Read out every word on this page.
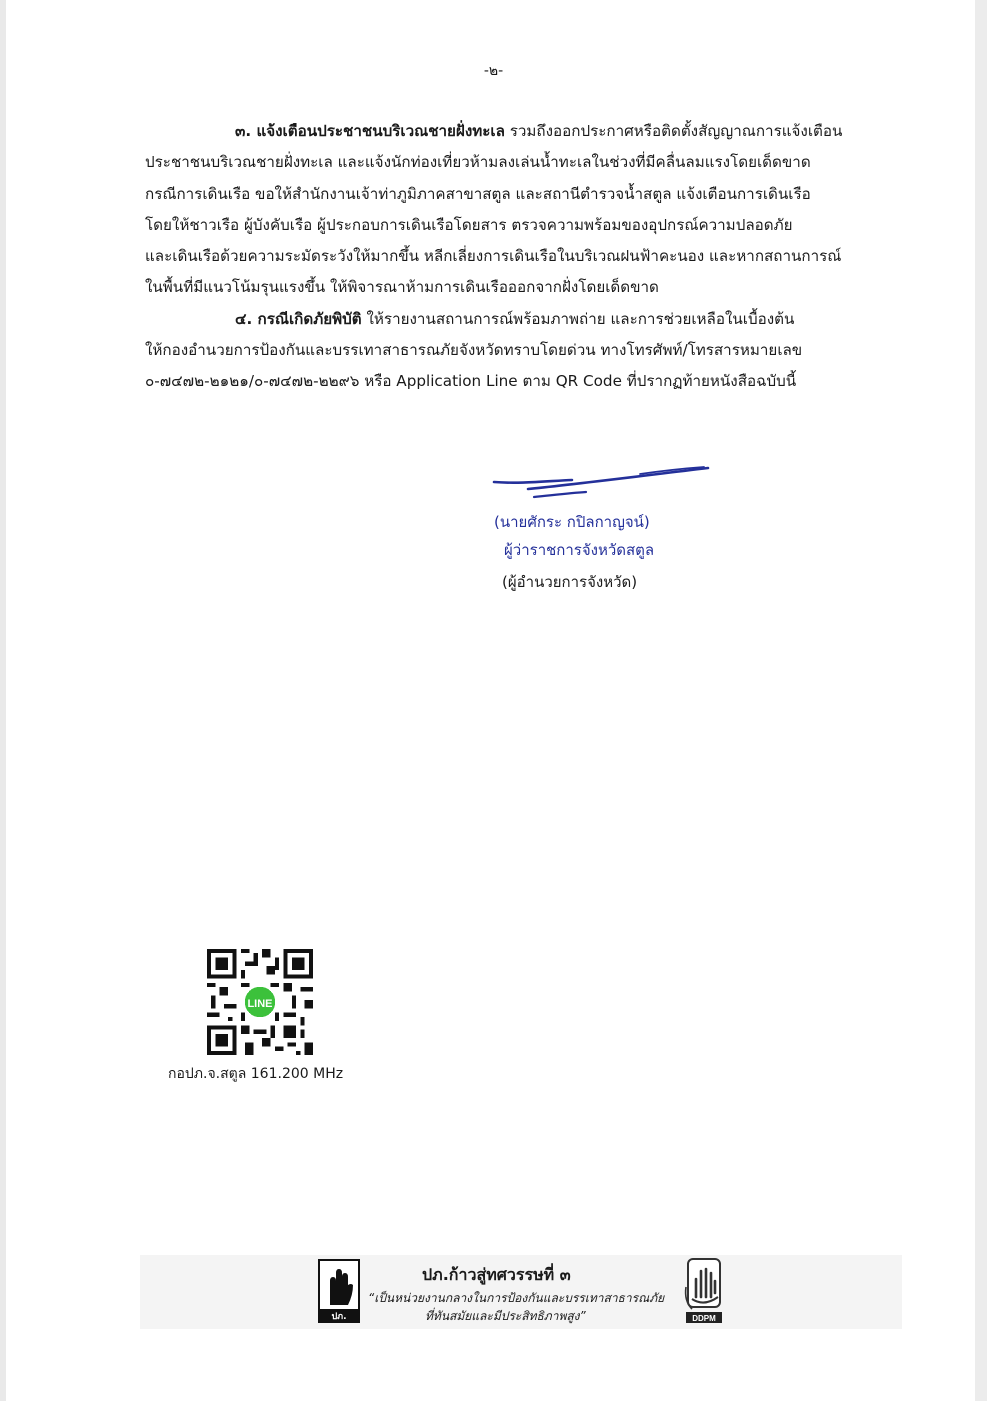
-๒-

๓. แจ้งเตือนประชาชนบริเวณชายฝั่งทะเล รวมถึงออกประกาศหรือติดตั้งสัญญาณการแจ้งเตือน
ประชาชนบริเวณชายฝั่งทะเล และแจ้งนักท่องเที่ยวห้ามลงเล่นน้ำทะเลในช่วงที่มีคลื่นลมแรงโดยเด็ดขาด
กรณีการเดินเรือ ขอให้สำนักงานเจ้าท่าภูมิภาคสาขาสตูล และสถานีตำรวจน้ำสตูล แจ้งเตือนการเดินเรือ
โดยให้ชาวเรือ ผู้บังคับเรือ ผู้ประกอบการเดินเรือโดยสาร ตรวจความพร้อมของอุปกรณ์ความปลอดภัย
และเดินเรือด้วยความระมัดระวังให้มากขึ้น หลีกเลี่ยงการเดินเรือในบริเวณฝนฟ้าคะนอง และหากสถานการณ์
ในพื้นที่มีแนวโน้มรุนแรงขึ้น ให้พิจารณาห้ามการเดินเรือออกจากฝั่งโดยเด็ดขาด

๔. กรณีเกิดภัยพิบัติ ให้รายงานสถานการณ์พร้อมภาพถ่าย และการช่วยเหลือในเบื้องต้น
ให้กองอำนวยการป้องกันและบรรเทาสาธารณภัยจังหวัดทราบโดยด่วน ทางโทรศัพท์/โทรสารหมายเลข
๐-๗๔๗๒-๒๑๒๑/๐-๗๔๗๒-๒๒๙๖ หรือ Application Line ตาม QR Code ที่ปรากฏท้ายหนังสือฉบับนี้

(นายศักระ กปิลกาญจน์)
ผู้ว่าราชการจังหวัดสตูล
(ผู้อำนวยการจังหวัด)
LINE
กอปภ.จ.สตูล 161.200 MHz
ปภ.
ปภ.ก้าวสู่ทศวรรษที่ ๓
“เป็นหน่วยงานกลางในการป้องกันและบรรเทาสาธารณภัย
ที่ทันสมัยและมีประสิทธิภาพสูง”	DDPM
